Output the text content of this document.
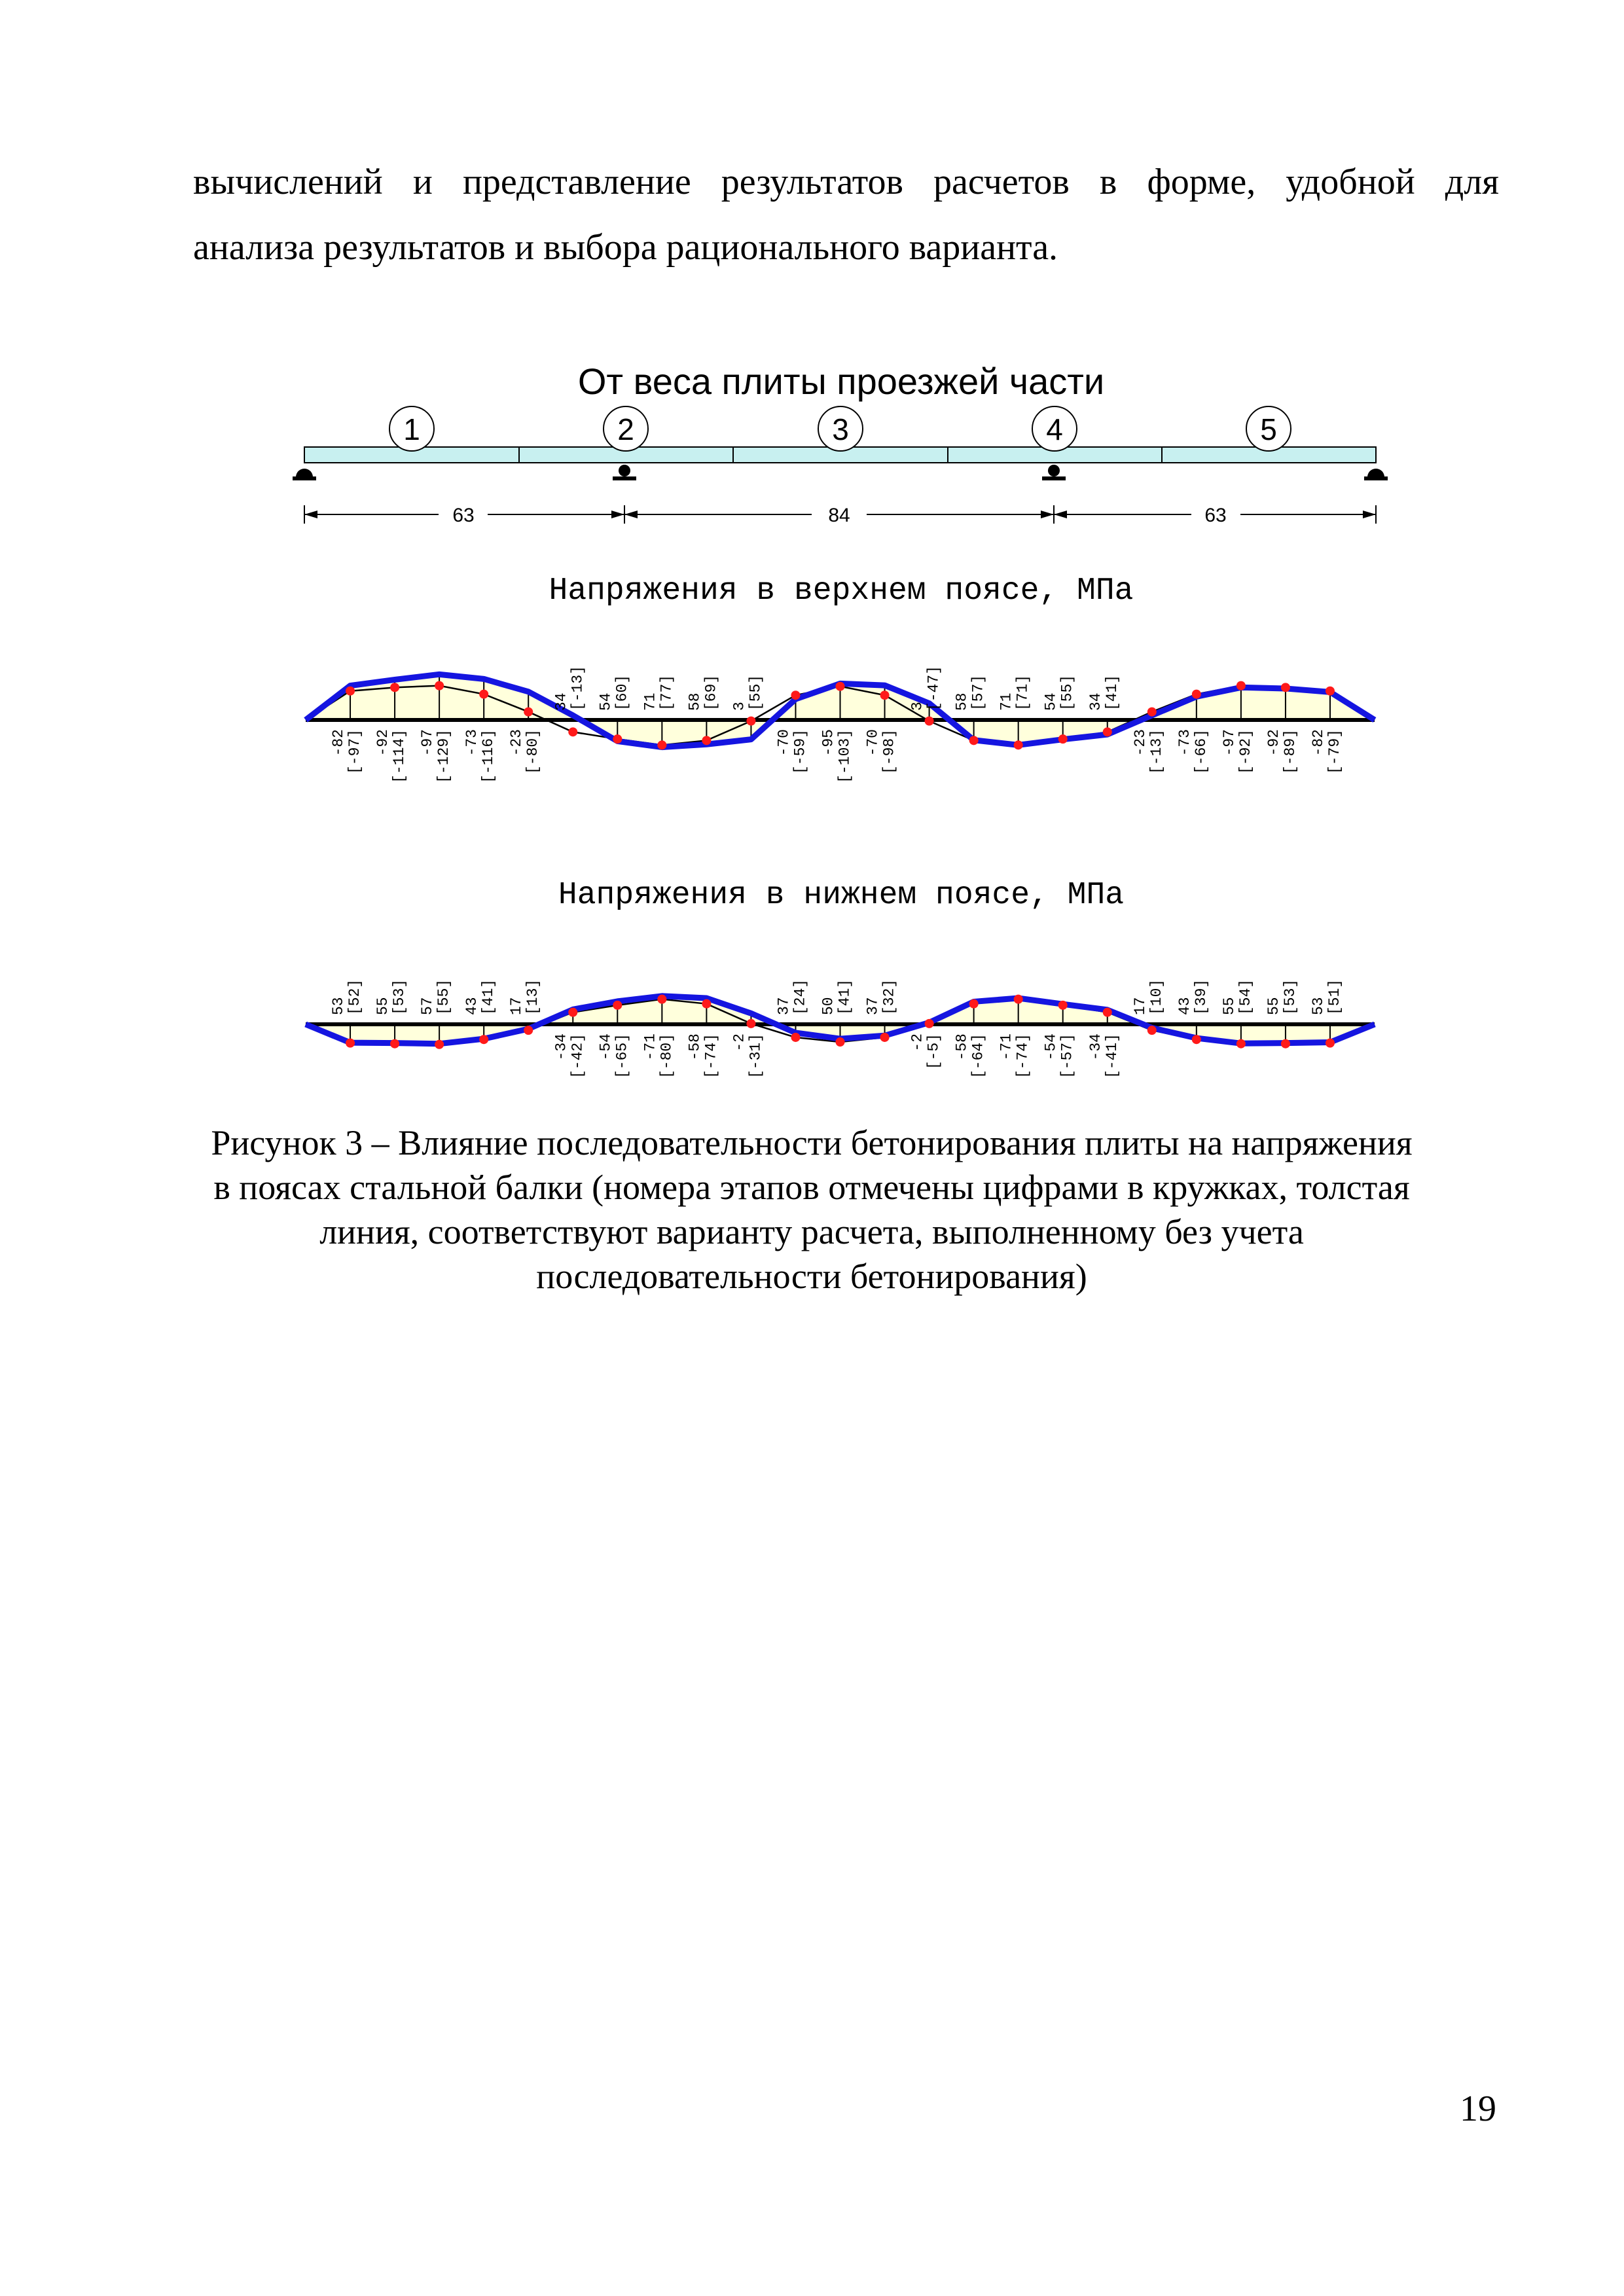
вычислений и представление результатов расчетов в форме, удобной для

анализа результатов и выбора рационального варианта.

От веса плиты проезжей части
1	2	3	4	5
63	84	63
Напряжения в верхнем поясе, МПа
-82 [-97] -92 [-114] -97 [-129] -73 [-116] -23 [-80]
34 [-13] 54 [60] 71 [77] 58 [69] 3 [55]
-70 [-59] -95 [-103] -70 [-98]
3 [-47] 58 [57] 71 [71] 54 [55] 34 [41]
-23 [-13] -73 [-66] -97 [-92] -92 [-89] -82 [-79]
Напряжения в нижнем поясе, МПа
53 [52] 55 [53] 57 [55] 43 [41] 17 [13]
-34 [-42] -54 [-65] -71 [-80] -58 [-74] -2 [-31]
37 [24] 50 [41] 37 [32]
-2 [-5] -58 [-64] -71 [-74] -54 [-57] -34 [-41]
17 [10] 43 [39] 55 [54] 55 [53] 53 [51]
Рисунок 3 – Влияние последовательности бетонирования плиты на напряжения
в поясах стальной балки (номера этапов отмечены цифрами в кружках, толстая
линия, соответствуют варианту расчета, выполненному без учета
последовательности бетонирования)
19
